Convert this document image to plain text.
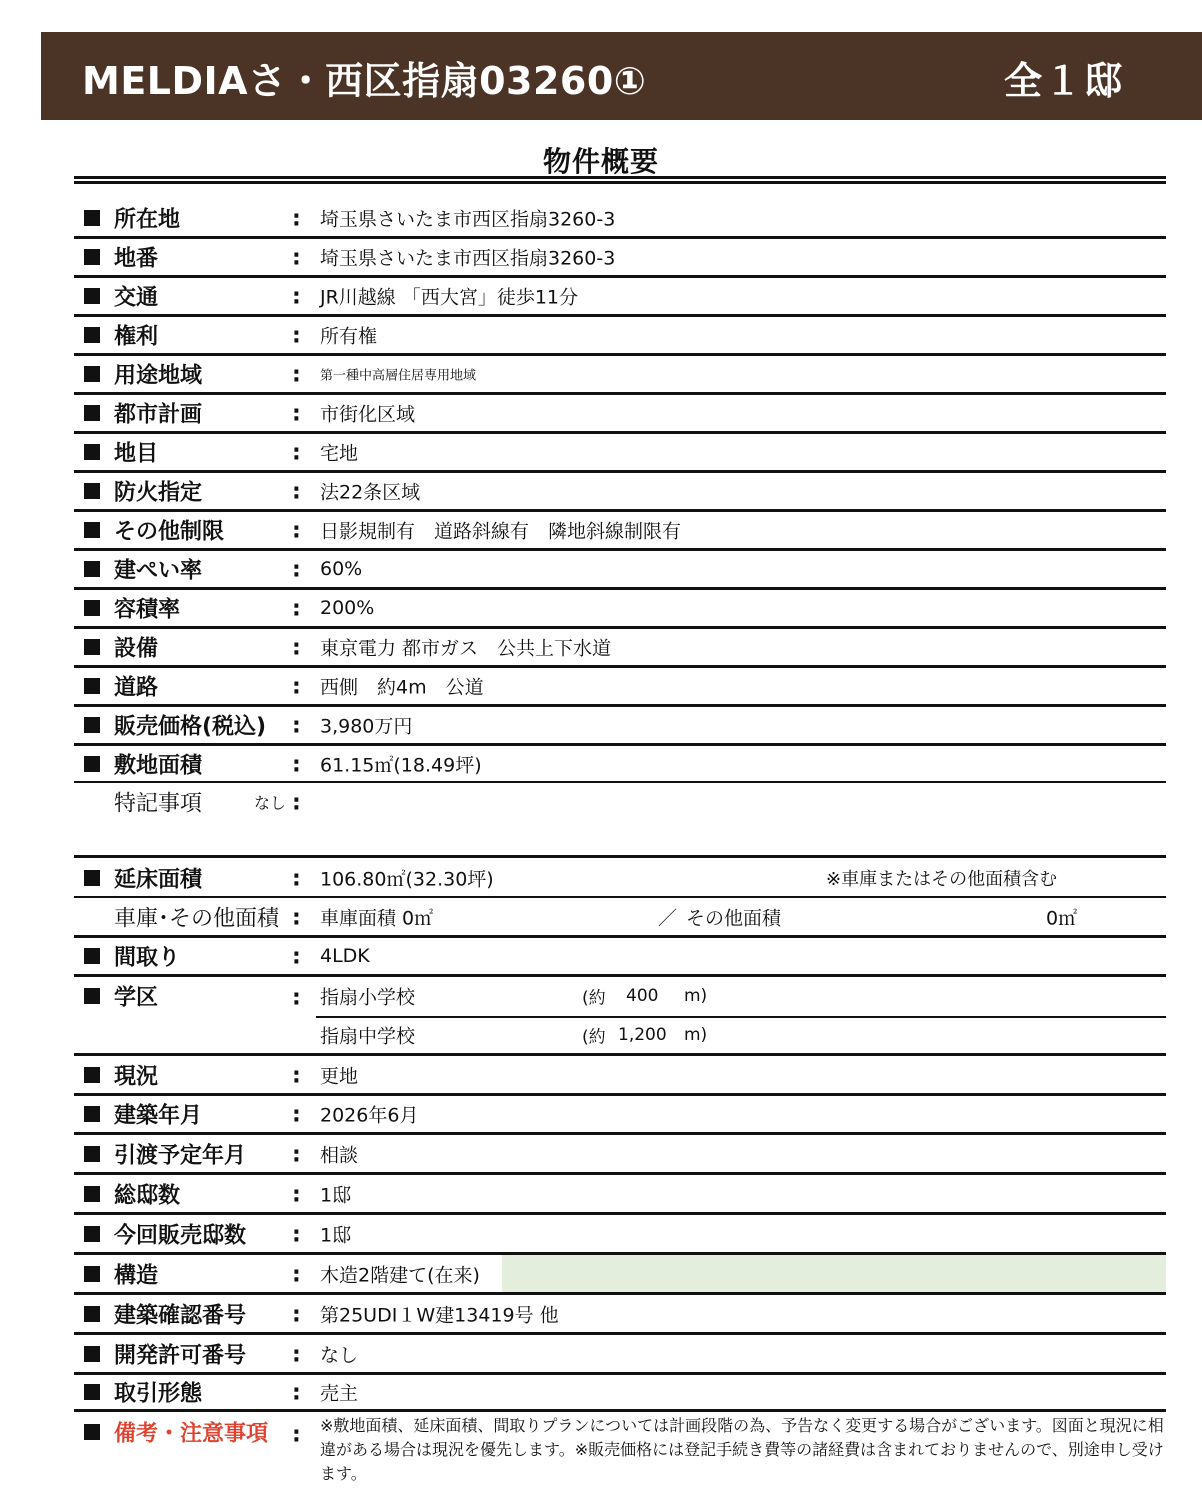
MELDIAさ・西区指扇03260①	全１邸
物件概要
所在地	: 埼玉県さいたま市西区指扇3260-3
地番	: 埼玉県さいたま市西区指扇3260-3
交通	: JR川越線 「西大宮」徒歩11分
権利	: 所有権
用途地域	: 第一種中高層住居専用地域
都市計画	: 市街化区域
地目	: 宅地
防火指定	: 法22条区域
その他制限	: 日影規制有　道路斜線有　隣地斜線制限有
建ぺい率	: 60%
容積率	: 200%
設備	: 東京電力 都市ガス　公共上下水道
道路	: 西側　約4m　公道
販売価格(税込) : 3,980万円
敷地面積	: 61.15㎡(18.49坪)
特記事項	なし :
延床面積	: 106.80㎡(32.30坪)	※車庫またはその他面積含む
車庫･その他面積 : 車庫面積 0㎡	／ その他面積	0㎡
間取り	: 4LDK
学区	: 指扇小学校	(約 400 m)
指扇中学校	(約 1,200 m)
現況	: 更地
建築年月	: 2026年6月
引渡予定年月 : 相談
総邸数	: 1邸
今回販売邸数 : 1邸
構造	: 木造2階建て(在来)
建築確認番号 : 第25UDI１W建13419号 他
開発許可番号 : なし
取引形態	: 売主
備考・注意事項 : ※敷地面積、延床面積、間取りプランについては計画段階の為、予告なく変更する場合がございます。図面と現況に相違がある場合は現況を優先します。※販売価格には登記手続き費等の諸経費は含まれておりませんので、別途申し受けます。
